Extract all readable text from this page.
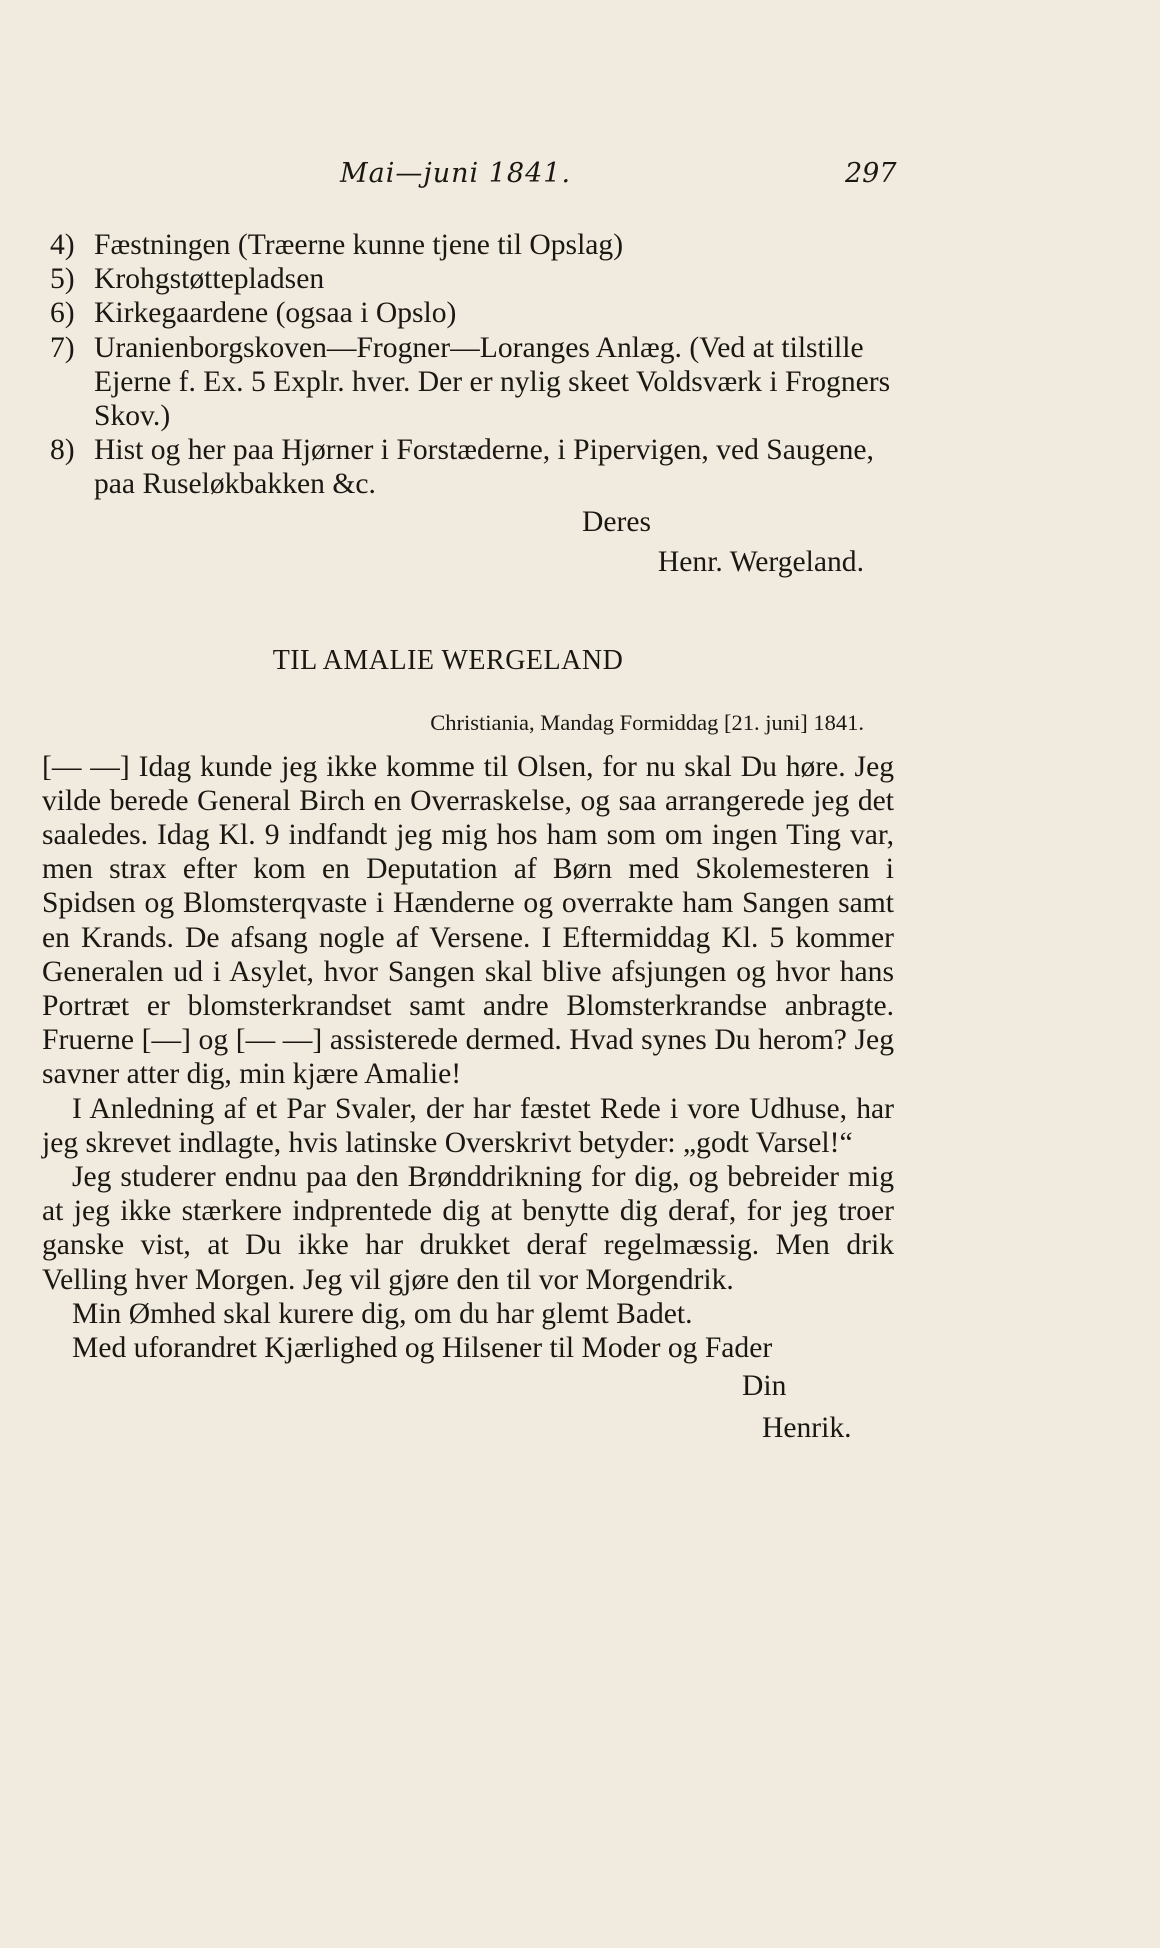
Mai—juni 1841.	297

4) Fæstningen (Træerne kunne tjene til Opslag)

5) Krohgstøttepladsen

6) Kirkegaardene (ogsaa i Opslo)

7) Uranienborgskoven—Frogner—Loranges Anlæg. (Ved at tilstille Ejerne f. Ex. 5 Explr. hver. Der er nylig skeet Voldsværk i Frogners Skov.)

8) Hist og her paa Hjørner i Forstæderne, i Pipervigen, ved Saugene, paa Ruseløkbakken &c.

Deres

Henr. Wergeland.

TIL AMALIE WERGELAND
Christiania, Mandag Formiddag [21. juni] 1841.

[— —] Idag kunde jeg ikke komme til Olsen, for nu skal Du høre. Jeg vilde berede General Birch en Overraskelse, og saa arrangerede jeg det saaledes. Idag Kl. 9 indfandt jeg mig hos ham som om ingen Ting var, men strax efter kom en Deputation af Børn med Skolemesteren i Spidsen og Blomsterqvaste i Hænderne og overrakte ham Sangen samt en Krands. De afsang nogle af Versene. I Eftermiddag Kl. 5 kommer Generalen ud i Asylet, hvor Sangen skal blive afsjungen og hvor hans Portræt er blomsterkrandset samt andre Blomsterkrandse anbragte. Fruerne [—] og [— —] assisterede dermed. Hvad synes Du herom? Jeg savner atter dig, min kjære Amalie!

I Anledning af et Par Svaler, der har fæstet Rede i vore Udhuse, har jeg skrevet indlagte, hvis latinske Overskrivt betyder: „godt Varsel!“

Jeg studerer endnu paa den Brønddrikning for dig, og bebreider mig at jeg ikke stærkere indprentede dig at benytte dig deraf, for jeg troer ganske vist, at Du ikke har drukket deraf regelmæssig. Men drik Velling hver Morgen. Jeg vil gjøre den til vor Morgendrik.

Min Ømhed skal kurere dig, om du har glemt Badet.

Med uforandret Kjærlighed og Hilsener til Moder og Fader

Din

Henrik.
